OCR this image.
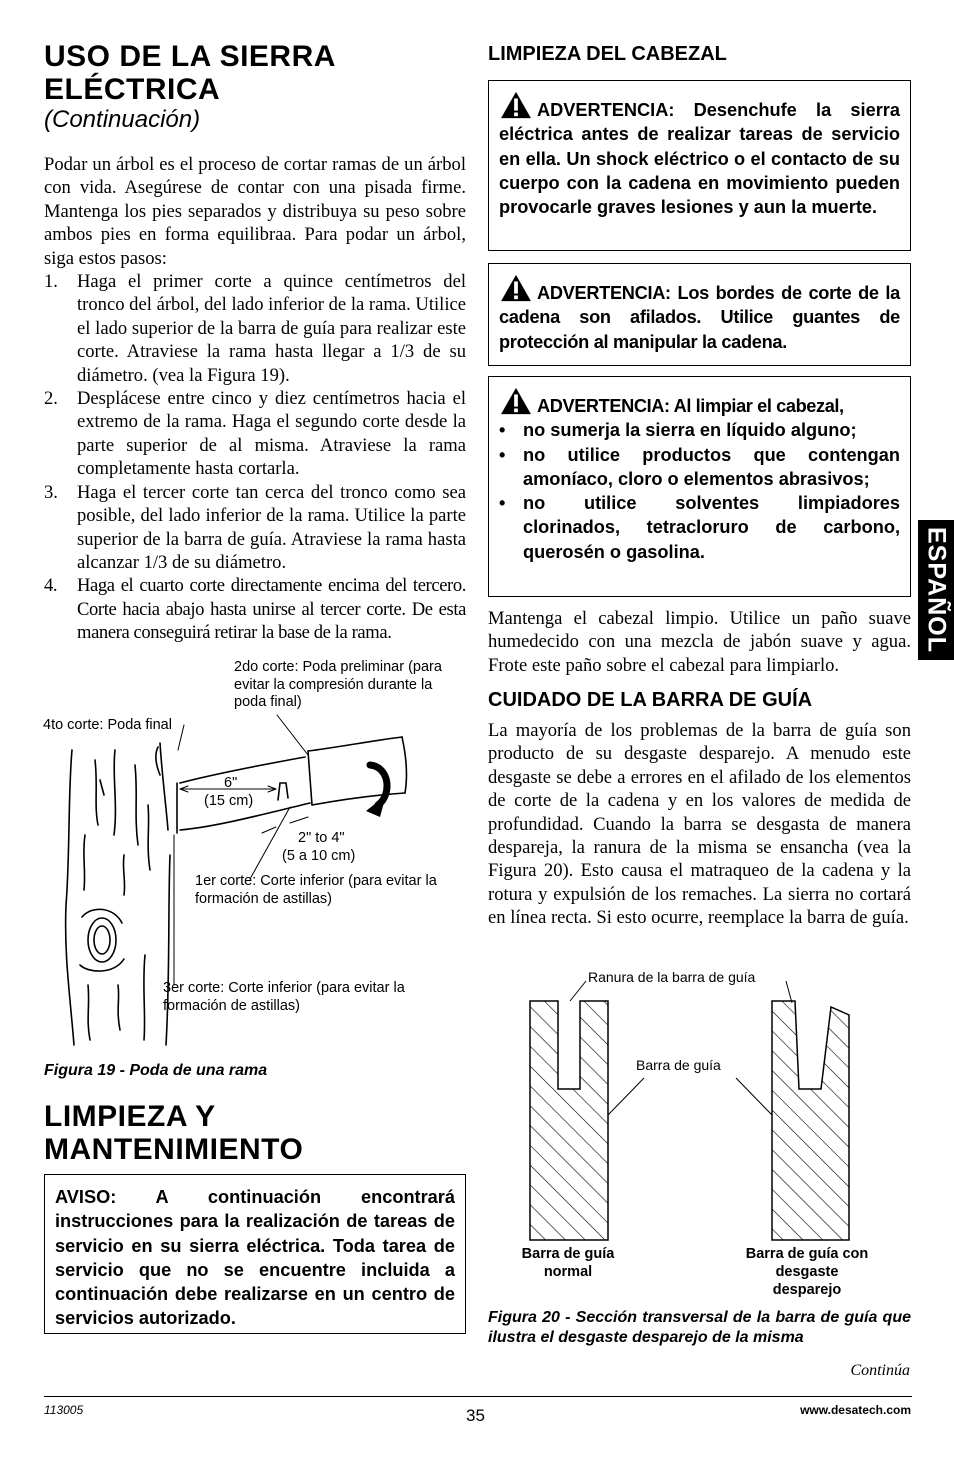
USO DE LA SIERRA
ELÉCTRICA
(Continuación)

Podar un árbol es el proceso de cortar ramas de un árbol con vida. Asegúrese de contar con una pisada firme. Mantenga los pies separados y distribuya su peso sobre ambos pies en forma equilibraa. Para podar un árbol, siga estos pasos:

1. Haga el primer corte a quince centímetros del tronco del árbol, del lado inferior de la rama. Utilice el lado superior de la barra de guía para realizar este corte. Atraviese la rama hasta llegar a 1/3 de su diámetro. (vea la Figura 19).
2. Desplácese entre cinco y diez centímetros hacia el extremo de la rama. Haga el segundo corte desde la parte superior de al misma. Atraviese la rama completamente hasta cortarla.
3. Haga el tercer corte tan cerca del tronco como sea posible, del lado inferior de la rama. Utilice la parte superior de la barra de guía. Atraviese la rama hasta alcanzar 1/3 de su diámetro.
4. Haga el cuarto corte directamente encima del tercero. Corte hacia abajo hasta unirse al tercer corte. De esta manera conseguirá retirar la base de la rama.
2do corte: Poda preliminar (para evitar la compresión durante la poda final)
4to corte: Poda final
6"
(15 cm)
2" to 4"
(5 a 10 cm)
1er corte: Corte inferior (para evitar la formación de astillas)
3er corte: Corte inferior (para evitar la formación de astillas)
Figura 19 - Poda de una rama
LIMPIEZA Y
MANTENIMIENTO
AVISO: A continuación encontrará instrucciones para la realización de tareas de servicio en su sierra eléctrica. Toda tarea de servicio que no se encuentre incluida a continuación debe realizarse en un centro de servicios autorizado.
LIMPIEZA DEL CABEZAL
ADVERTENCIA: Desenchufe la sierra eléctrica antes de realizar tareas de servicio en ella. Un shock eléctrico o el contacto de su cuerpo con la cadena en movimiento pueden provocarle graves lesiones y aun la muerte.
ADVERTENCIA: Los bordes de corte de la cadena son afilados. Utilice guantes de protección al manipular la cadena.
ADVERTENCIA: Al limpiar el cabezal,
• no sumerja la sierra en líquido alguno;
• no utilice productos que contengan amoníaco, cloro o elementos abrasivos;
• no utilice solventes limpiadores clorinados, tetracloruro de carbono, querosén o gasolina.
Mantenga el cabezal limpio. Utilice un paño suave humedecido con una mezcla de jabón suave y agua. Frote este paño sobre el cabezal para limpiarlo.
CUIDADO DE LA BARRA DE GUÍA
La mayoría de los problemas de la barra de guía son producto de su desgaste desparejo. A menudo este desgaste se debe a errores en el afilado de los elementos de corte de la cadena y en los valores de medida de profundidad. Cuando la barra se desgasta de manera despareja, la ranura de la misma se ensancha (vea la Figura 20). Esto causa el matraqueo de la cadena y la rotura y expulsión de los remaches. La sierra no cortará en línea recta. Si esto ocurre, reemplace la barra de guía.
Ranura de la barra de guía
Barra de guía
Barra de guía normal
Barra de guía con desgaste desparejo
Figura 20 - Sección transversal de la barra de guía que ilustra el desgaste desparejo de la misma
Continúa
ESPAÑOL
113005	35	www.desatech.com
